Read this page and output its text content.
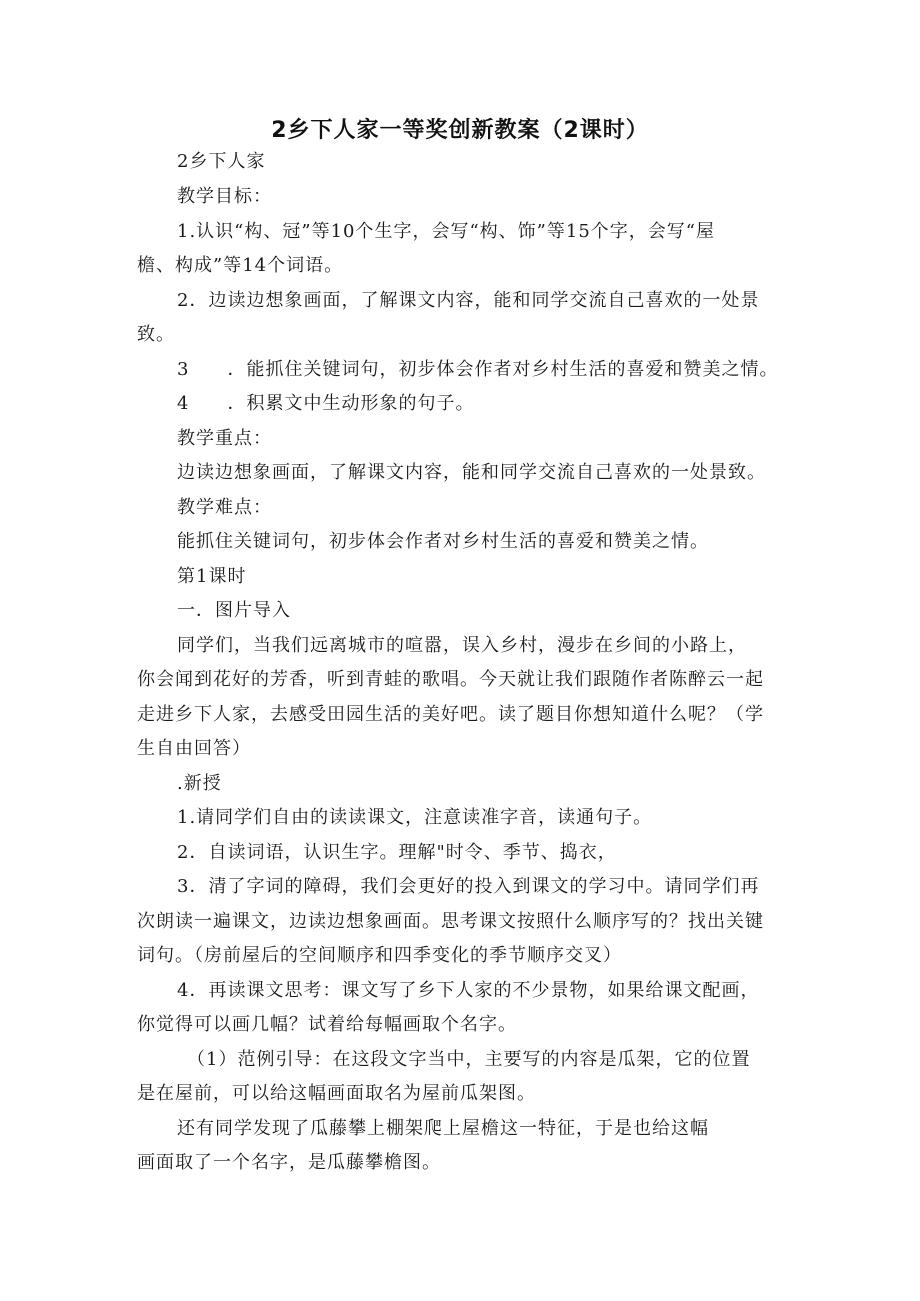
2乡下人家一等奖创新教案（2课时）
2乡下人家
教学目标：
1.认识“构、冠”等10个生字，会写“构、饰”等15个字，会写“屋
檐、构成”等14个词语。
2．边读边想象画面，了解课文内容，能和同学交流自己喜欢的一处景
致。
3　　．能抓住关键词句，初步体会作者对乡村生活的喜爱和赞美之情。
4　　．积累文中生动形象的句子。
教学重点：
边读边想象画面，了解课文内容，能和同学交流自己喜欢的一处景致。
教学难点：
能抓住关键词句，初步体会作者对乡村生活的喜爱和赞美之情。
第1课时
一．图片导入
同学们，当我们远离城市的喧嚣，误入乡村，漫步在乡间的小路上，
你会闻到花好的芳香，听到青蛙的歌唱。今天就让我们跟随作者陈醉云一起
走进乡下人家，去感受田园生活的美好吧。读了题目你想知道什么呢？（学
生自由回答）
.新授
1.请同学们自由的读读课文，注意读准字音，读通句子。
2．自读词语，认识生字。理解"时令、季节、捣衣，
3．清了字词的障碍，我们会更好的投入到课文的学习中。请同学们再
次朗读一遍课文，边读边想象画面。思考课文按照什么顺序写的？找出关键
词句。（房前屋后的空间顺序和四季变化的季节顺序交叉）
4．再读课文思考：课文写了乡下人家的不少景物，如果给课文配画，
你觉得可以画几幅？试着给每幅画取个名字。
（1）范例引导：在这段文字当中，主要写的内容是瓜架，它的位置
是在屋前，可以给这幅画面取名为屋前瓜架图。
还有同学发现了瓜藤攀上棚架爬上屋檐这一特征，于是也给这幅
画面取了一个名字，是瓜藤攀檐图。
